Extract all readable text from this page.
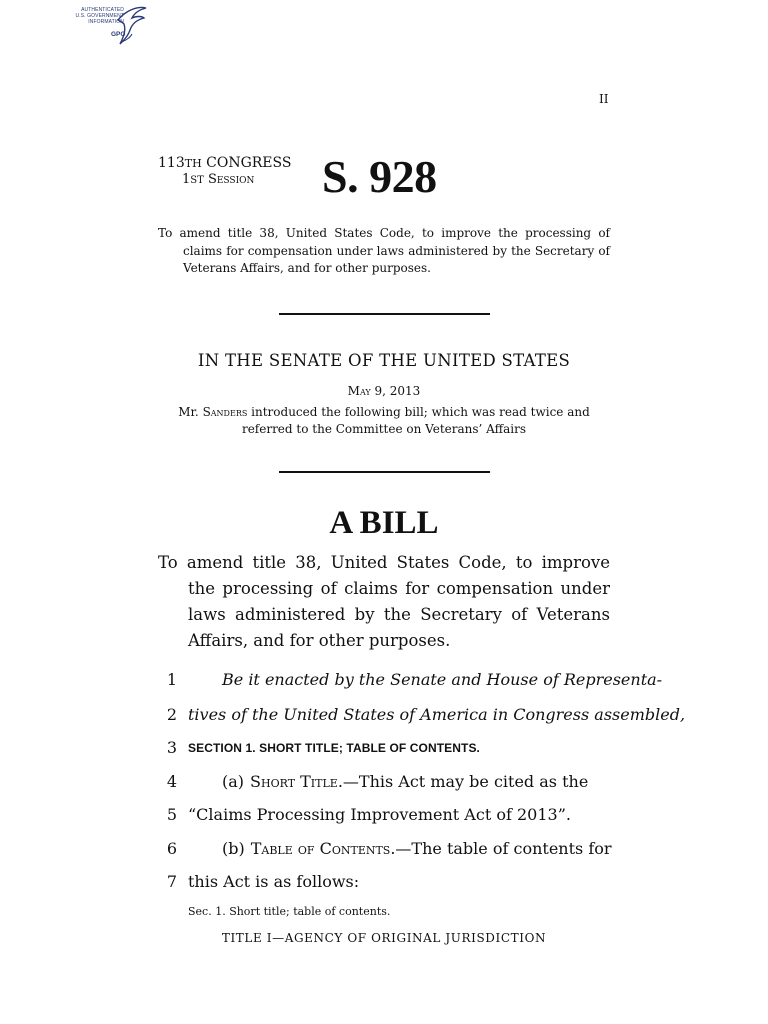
AUTHENTICATED
U.S. GOVERNMENT
INFORMATION
GPO
II
113TH CONGRESS
1ST Session S. 928
To amend title 38, United States Code, to improve the processing of claims for compensation under laws administered by the Secretary of Veterans Affairs, and for other purposes.
IN THE SENATE OF THE UNITED STATES
May 9, 2013
Mr. Sanders introduced the following bill; which was read twice and referred to the Committee on Veterans’ Affairs
A BILL
To amend title 38, United States Code, to improve the processing of claims for compensation under laws administered by the Secretary of Veterans Affairs, and for other purposes.
1	Be it enacted by the Senate and House of Representa-
2 tives of the United States of America in Congress assembled,
3 SECTION 1. SHORT TITLE; TABLE OF CONTENTS.
4	(a) Short Title.—This Act may be cited as the
5 “Claims Processing Improvement Act of 2013”.
6	(b) Table of Contents.—The table of contents for
7 this Act is as follows:
Sec. 1. Short title; table of contents.
TITLE I—AGENCY OF ORIGINAL JURISDICTION
